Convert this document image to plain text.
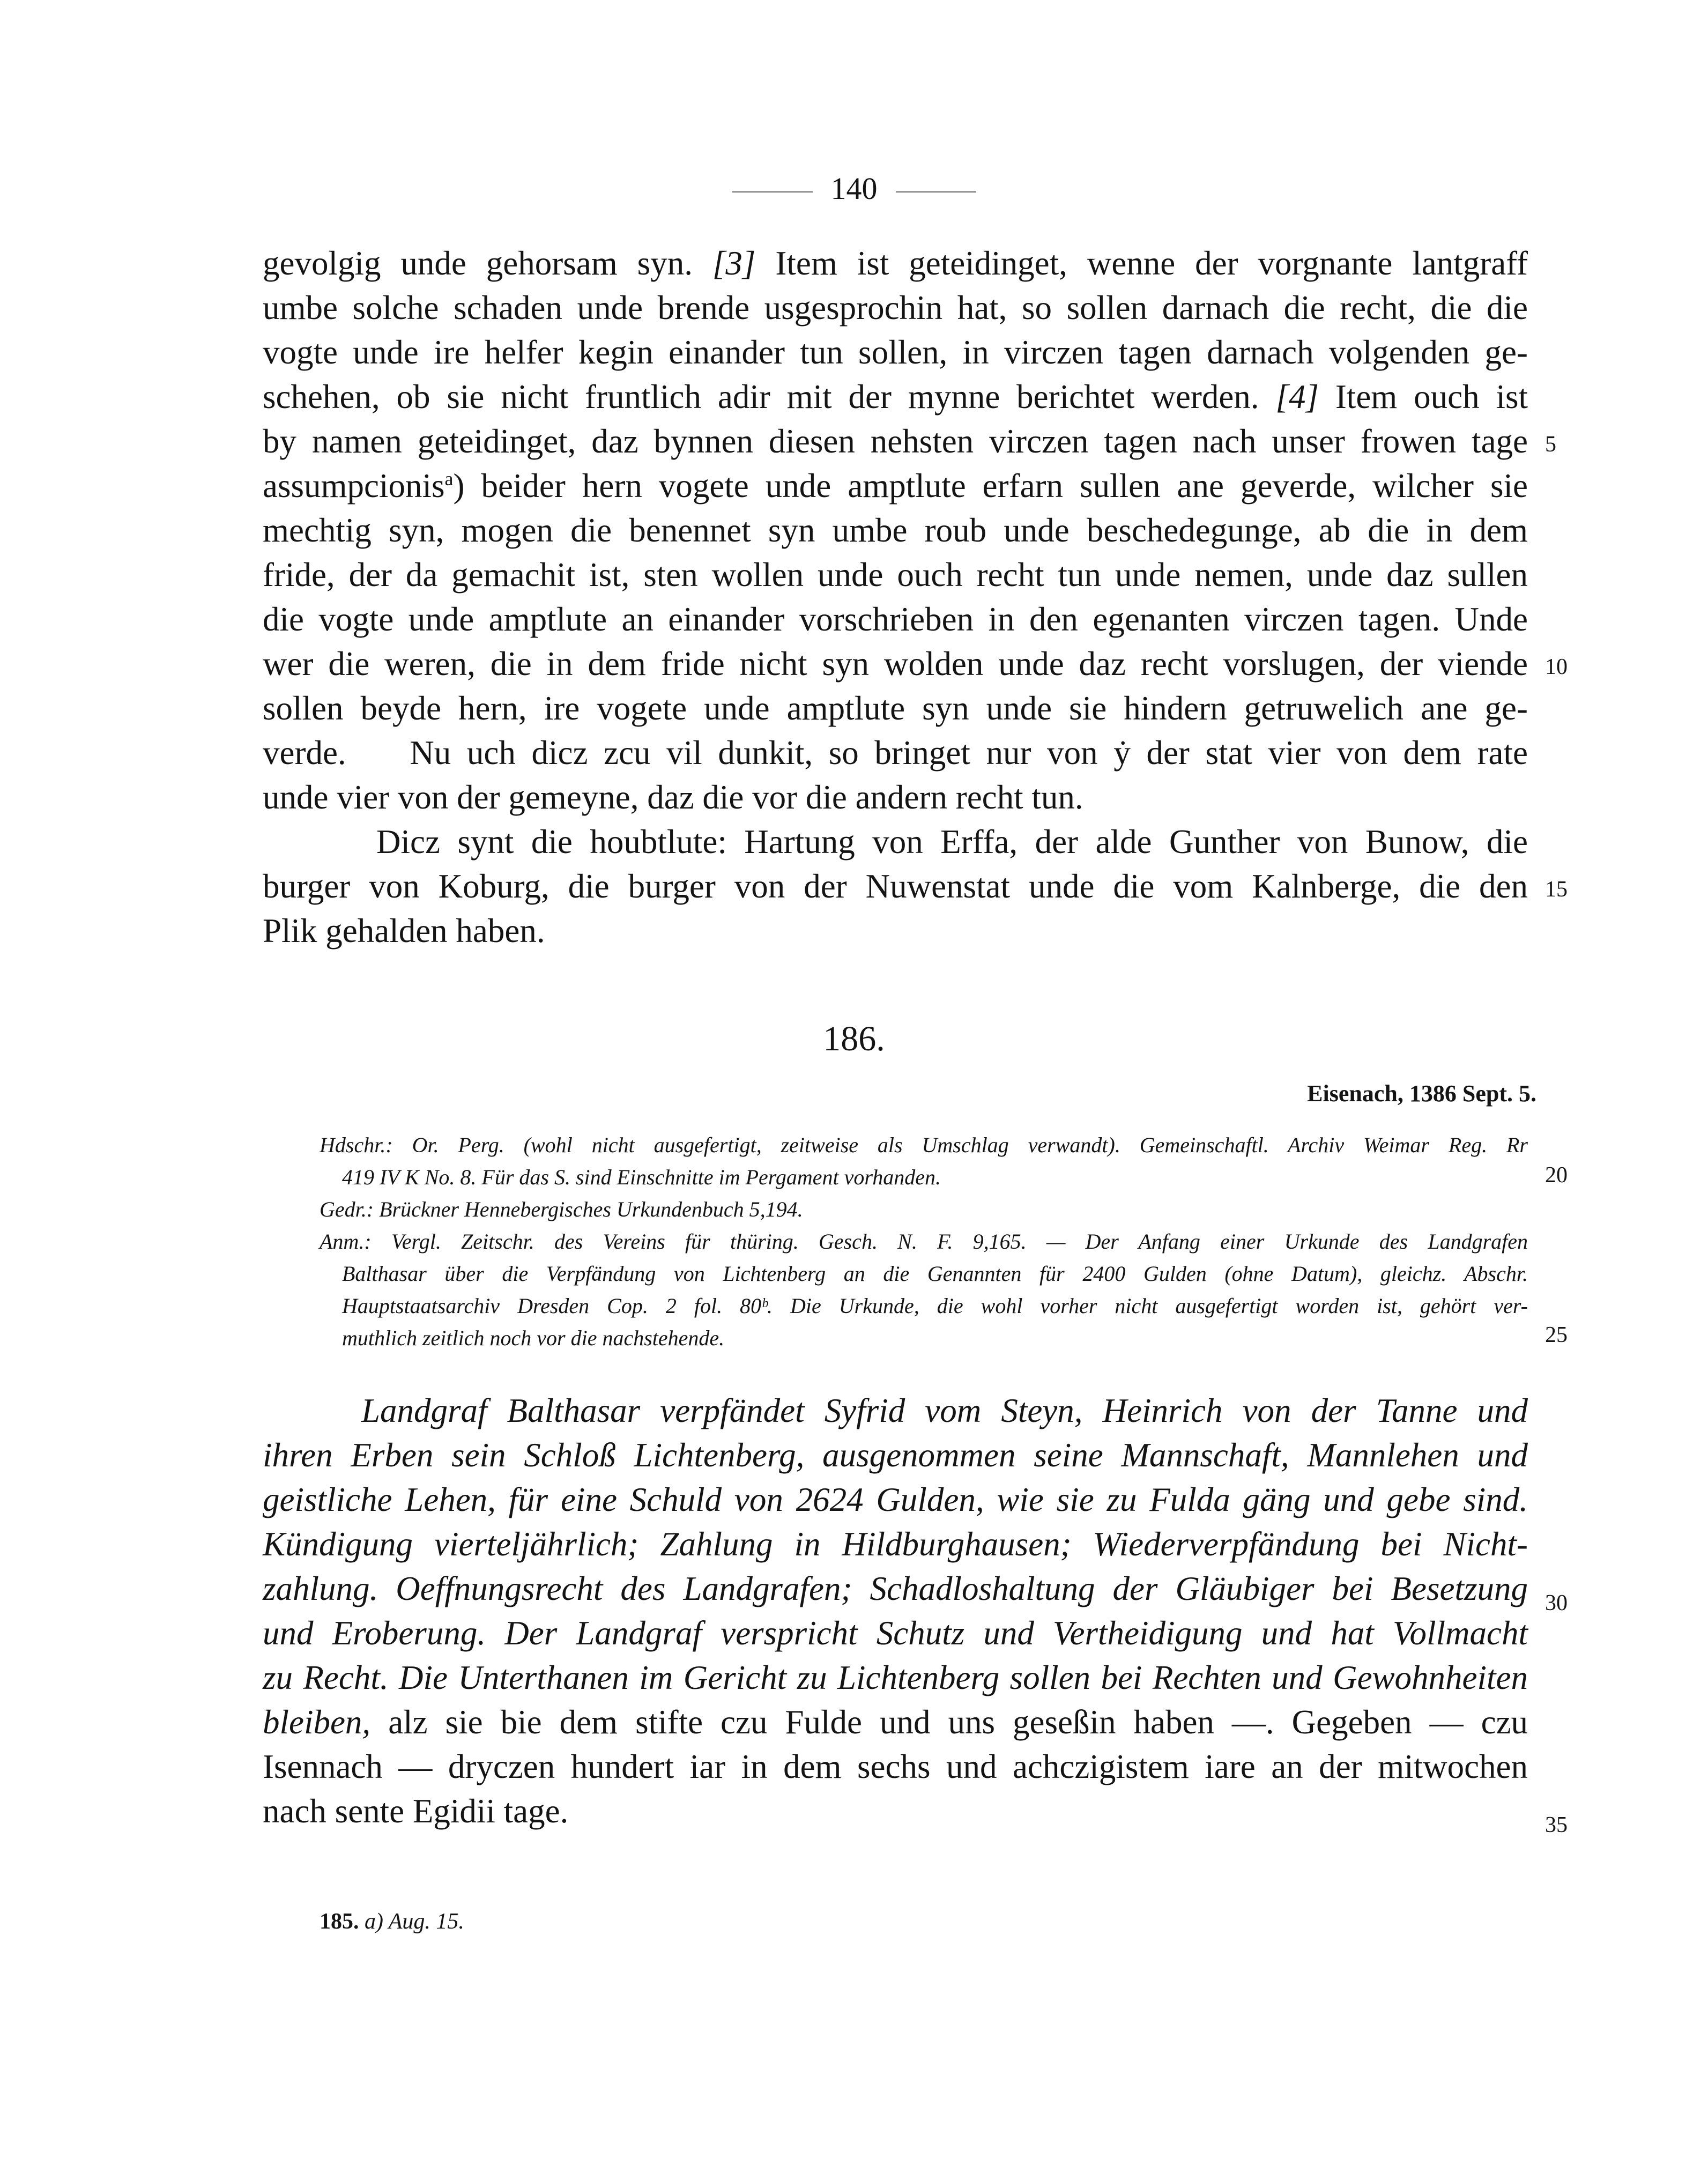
140
gevolgig unde gehorsam syn. [3] Item ist geteidinget, wenne der vorgnante lantgraff
umbe solche schaden unde brende usgesprochin hat, so sollen darnach die recht, die die
vogte unde ire helfer kegin einander tun sollen, in virczen tagen darnach volgenden ge-
schehen, ob sie nicht fruntlich adir mit der mynne berichtet werden. [4] Item ouch ist
by namen geteidinget, daz bynnen diesen nehsten virczen tagen nach unser frowen tage
assumpcionis$^a$) beider hern vogete unde amptlute erfarn sullen ane geverde, wilcher sie
mechtig syn, mogen die benennet syn umbe roub unde beschedegunge, ab die in dem
fride, der da gemachit ist, sten wollen unde ouch recht tun unde nemen, unde daz sullen
die vogte unde amptlute an einander vorschrieben in den egenanten virczen tagen. Unde
wer die weren, die in dem fride nicht syn wolden unde daz recht vorslugen, der viende
sollen beyde hern, ire vogete unde amptlute syn unde sie hindern getruwelich ane ge-
verde.    Nu uch dicz zcu vil dunkit, so bringet nur von ẏ der stat vier von dem rate
unde vier von der gemeyne, daz die vor die andern recht tun.
Dicz synt die houbtlute: Hartung von Erffa, der alde Gunther von Bunow, die
burger von Koburg, die burger von der Nuwenstat unde die vom Kalnberge, die den
Plik gehalden haben.
5
10
15
186.
Eisenach, 1386 Sept. 5.
Hdschr.: Or. Perg. (wohl nicht ausgefertigt, zeitweise als Umschlag verwandt). Gemeinschaftl. Archiv Weimar Reg. Rr
419 IV K No. 8. Für das S. sind Einschnitte im Pergament vorhanden.
Gedr.: Brückner Hennebergisches Urkundenbuch 5,194.
Anm.: Vergl. Zeitschr. des Vereins für thüring. Gesch. N. F. 9,165. — Der Anfang einer Urkunde des Landgrafen
Balthasar über die Verpfändung von Lichtenberg an die Genannten für 2400 Gulden (ohne Datum), gleichz. Abschr.
Hauptstaatsarchiv Dresden Cop. 2 fol. 80ᵇ. Die Urkunde, die wohl vorher nicht ausgefertigt worden ist, gehört ver-
muthlich zeitlich noch vor die nachstehende.
20
25
Landgraf Balthasar verpfändet Syfrid vom Steyn, Heinrich von der Tanne und
ihren Erben sein Schloß Lichtenberg, ausgenommen seine Mannschaft, Mannlehen und
geistliche Lehen, für eine Schuld von 2624 Gulden, wie sie zu Fulda gäng und gebe sind.
Kündigung vierteljährlich; Zahlung in Hildburghausen; Wiederverpfändung bei Nicht-
zahlung. Oeffnungsrecht des Landgrafen; Schadloshaltung der Gläubiger bei Besetzung
und Eroberung. Der Landgraf verspricht Schutz und Vertheidigung und hat Vollmacht
zu Recht. Die Unterthanen im Gericht zu Lichtenberg sollen bei Rechten und Gewohnheiten
bleiben, alz sie bie dem stifte czu Fulde und uns geseßin haben —. Gegeben — czu
Isennach — dryczen hundert iar in dem sechs und achczigistem iare an der mitwochen
nach sente Egidii tage.
30
35
185. a) Aug. 15.
